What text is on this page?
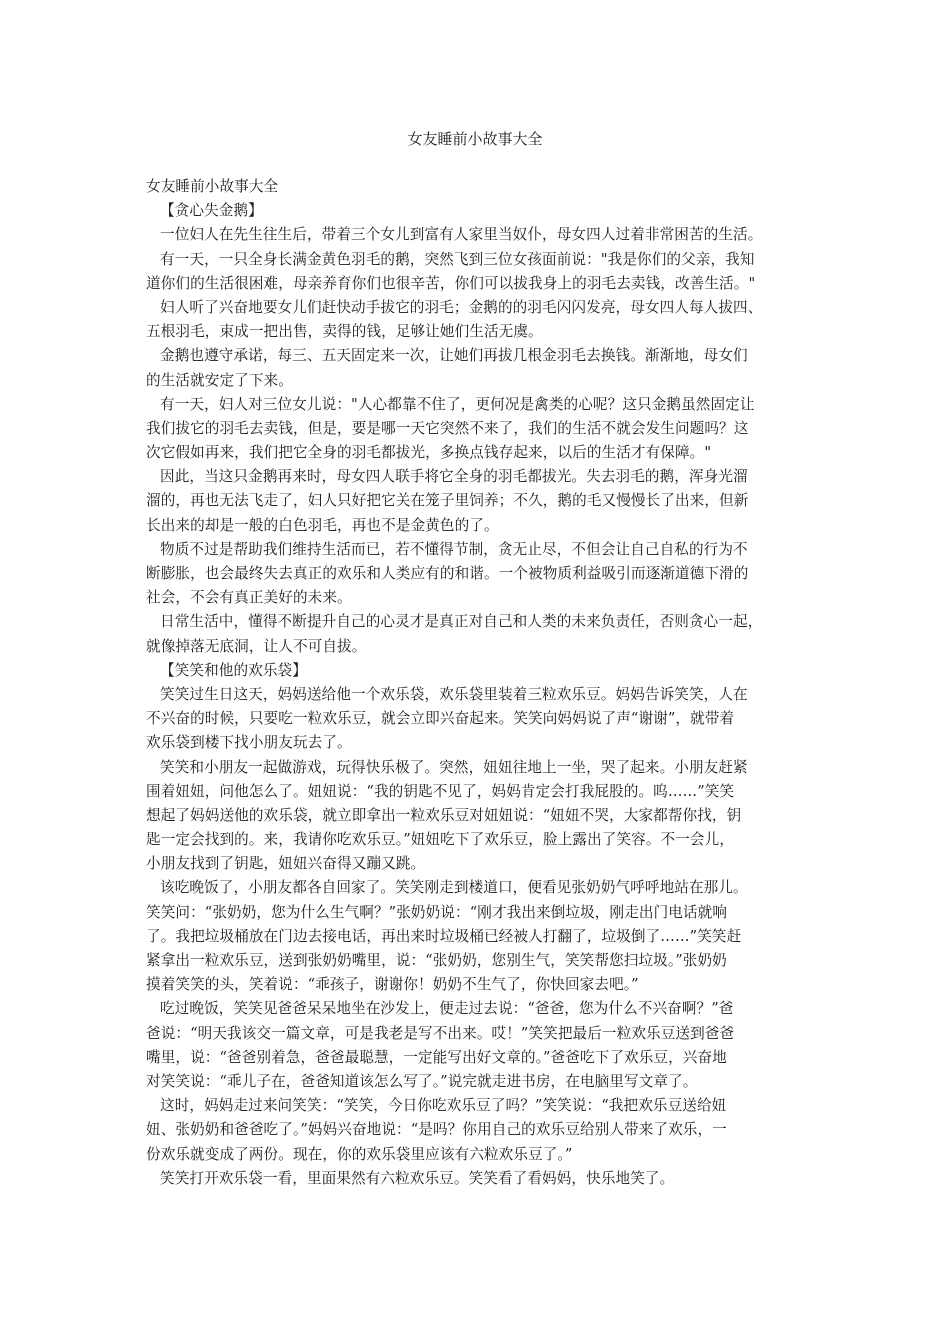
女友睡前小故事大全
女友睡前小故事大全
【贪心失金鹅】
一位妇人在先生往生后，带着三个女儿到富有人家里当奴仆，母女四人过着非常困苦的生活。
有一天，一只全身长满金黄色羽毛的鹅，突然飞到三位女孩面前说："我是你们的父亲，我知
道你们的生活很困难，母亲养育你们也很辛苦，你们可以拔我身上的羽毛去卖钱，改善生活。"
妇人听了兴奋地要女儿们赶快动手拔它的羽毛；金鹅的的羽毛闪闪发亮，母女四人每人拔四、
五根羽毛，束成一把出售，卖得的钱，足够让她们生活无虞。
金鹅也遵守承诺，每三、五天固定来一次，让她们再拔几根金羽毛去换钱。渐渐地，母女们
的生活就安定了下来。
有一天，妇人对三位女儿说："人心都靠不住了，更何况是禽类的心呢？这只金鹅虽然固定让
我们拔它的羽毛去卖钱，但是，要是哪一天它突然不来了，我们的生活不就会发生问题吗？这
次它假如再来，我们把它全身的羽毛都拔光，多换点钱存起来，以后的生活才有保障。"
因此，当这只金鹅再来时，母女四人联手将它全身的羽毛都拔光。失去羽毛的鹅，浑身光溜
溜的，再也无法飞走了，妇人只好把它关在笼子里饲养；不久，鹅的毛又慢慢长了出来，但新
长出来的却是一般的白色羽毛，再也不是金黄色的了。
物质不过是帮助我们维持生活而已，若不懂得节制，贪无止尽，不但会让自己自私的行为不
断膨胀，也会最终失去真正的欢乐和人类应有的和谐。一个被物质利益吸引而逐渐道德下滑的
社会，不会有真正美好的未来。
日常生活中，懂得不断提升自己的心灵才是真正对自己和人类的未来负责任，否则贪心一起，
就像掉落无底洞，让人不可自拔。
【笑笑和他的欢乐袋】
笑笑过生日这天，妈妈送给他一个欢乐袋，欢乐袋里装着三粒欢乐豆。妈妈告诉笑笑，人在
不兴奋的时候，只要吃一粒欢乐豆，就会立即兴奋起来。笑笑向妈妈说了声“谢谢”，就带着
欢乐袋到楼下找小朋友玩去了。
笑笑和小朋友一起做游戏，玩得快乐极了。突然，妞妞往地上一坐，哭了起来。小朋友赶紧
围着妞妞，问他怎么了。妞妞说：“我的钥匙不见了，妈妈肯定会打我屁股的。呜……”笑笑
想起了妈妈送他的欢乐袋，就立即拿出一粒欢乐豆对妞妞说：“妞妞不哭，大家都帮你找，钥
匙一定会找到的。来，我请你吃欢乐豆。”妞妞吃下了欢乐豆，脸上露出了笑容。不一会儿，
小朋友找到了钥匙，妞妞兴奋得又蹦又跳。
该吃晚饭了，小朋友都各自回家了。笑笑刚走到楼道口，便看见张奶奶气呼呼地站在那儿。
笑笑问：“张奶奶，您为什么生气啊？”张奶奶说：“刚才我出来倒垃圾，刚走出门电话就响
了。我把垃圾桶放在门边去接电话，再出来时垃圾桶已经被人打翻了，垃圾倒了……”笑笑赶
紧拿出一粒欢乐豆，送到张奶奶嘴里，说：“张奶奶，您别生气，笑笑帮您扫垃圾。”张奶奶
摸着笑笑的头，笑着说：“乖孩子，谢谢你！奶奶不生气了，你快回家去吧。”
吃过晚饭，笑笑见爸爸呆呆地坐在沙发上，便走过去说：“爸爸，您为什么不兴奋啊？”爸
爸说：“明天我该交一篇文章，可是我老是写不出来。哎！”笑笑把最后一粒欢乐豆送到爸爸
嘴里，说：“爸爸别着急，爸爸最聪慧，一定能写出好文章的。”爸爸吃下了欢乐豆，兴奋地
对笑笑说：“乖儿子在，爸爸知道该怎么写了。”说完就走进书房，在电脑里写文章了。
这时，妈妈走过来问笑笑：“笑笑，今日你吃欢乐豆了吗？”笑笑说：“我把欢乐豆送给妞
妞、张奶奶和爸爸吃了。”妈妈兴奋地说：“是吗？你用自己的欢乐豆给别人带来了欢乐，一
份欢乐就变成了两份。现在，你的欢乐袋里应该有六粒欢乐豆了。”
笑笑打开欢乐袋一看，里面果然有六粒欢乐豆。笑笑看了看妈妈，快乐地笑了。
